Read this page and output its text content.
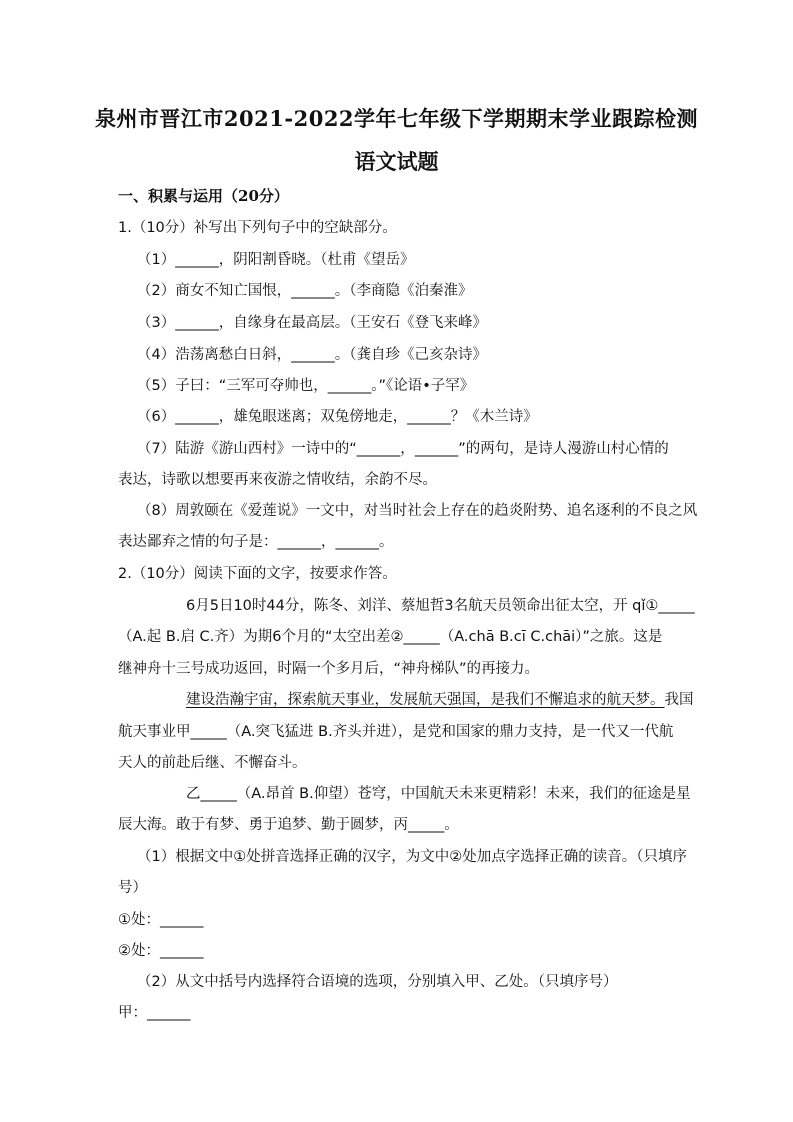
泉州市晋江市2021-2022学年七年级下学期期末学业跟踪检测
语文试题
一、积累与运用（20分）
1.（10分）补写出下列句子中的空缺部分。
（1）______，阴阳割昏晓。（杜甫《望岳》
（2）商女不知亡国恨，______。（李商隐《泊秦淮》
（3）______，自缘身在最高层。（王安石《登飞来峰》
（4）浩荡离愁白日斜，______。（龚自珍《己亥杂诗》
（5）子曰：“三军可夺帅也，______。”《论语•子罕》
（6）______，雄兔眼迷离；双兔傍地走，______？《木兰诗》
（7）陆游《游山西村》一诗中的“______，______”的两句，是诗人漫游山村心情的
表达，诗歌以想要再来夜游之情收结，余韵不尽。
（8）周敦颐在《爱莲说》一文中，对当时社会上存在的趋炎附势、追名逐利的不良之风
表达鄙弃之情的句子是：______，______。
2.（10分）阅读下面的文字，按要求作答。
6月5日10时44分，陈冬、刘洋、蔡旭哲3名航天员领命出征太空，开 qǐ①_____
（A.起 B.启 C.齐）为期6个月的“太空出差②_____（A.chā B.cī C.chāi）”之旅。这是
继神舟十三号成功返回，时隔一个多月后，“神舟梯队”的再接力。
建设浩瀚宇宙，探索航天事业，发展航天强国，是我们不懈追求的航天梦。我国
航天事业甲_____（A.突飞猛进 B.齐头并进），是党和国家的鼎力支持，是一代又一代航
天人的前赴后继、不懈奋斗。
乙_____（A.昂首 B.仰望）苍穹，中国航天未来更精彩！未来，我们的征途是星
辰大海。敢于有梦、勇于追梦、勤于圆梦，丙_____。
（1）根据文中①处拼音选择正确的汉字，为文中②处加点字选择正确的读音。（只填序
号）
①处：______
②处：______
（2）从文中括号内选择符合语境的选项，分别填入甲、乙处。（只填序号）
甲：______
